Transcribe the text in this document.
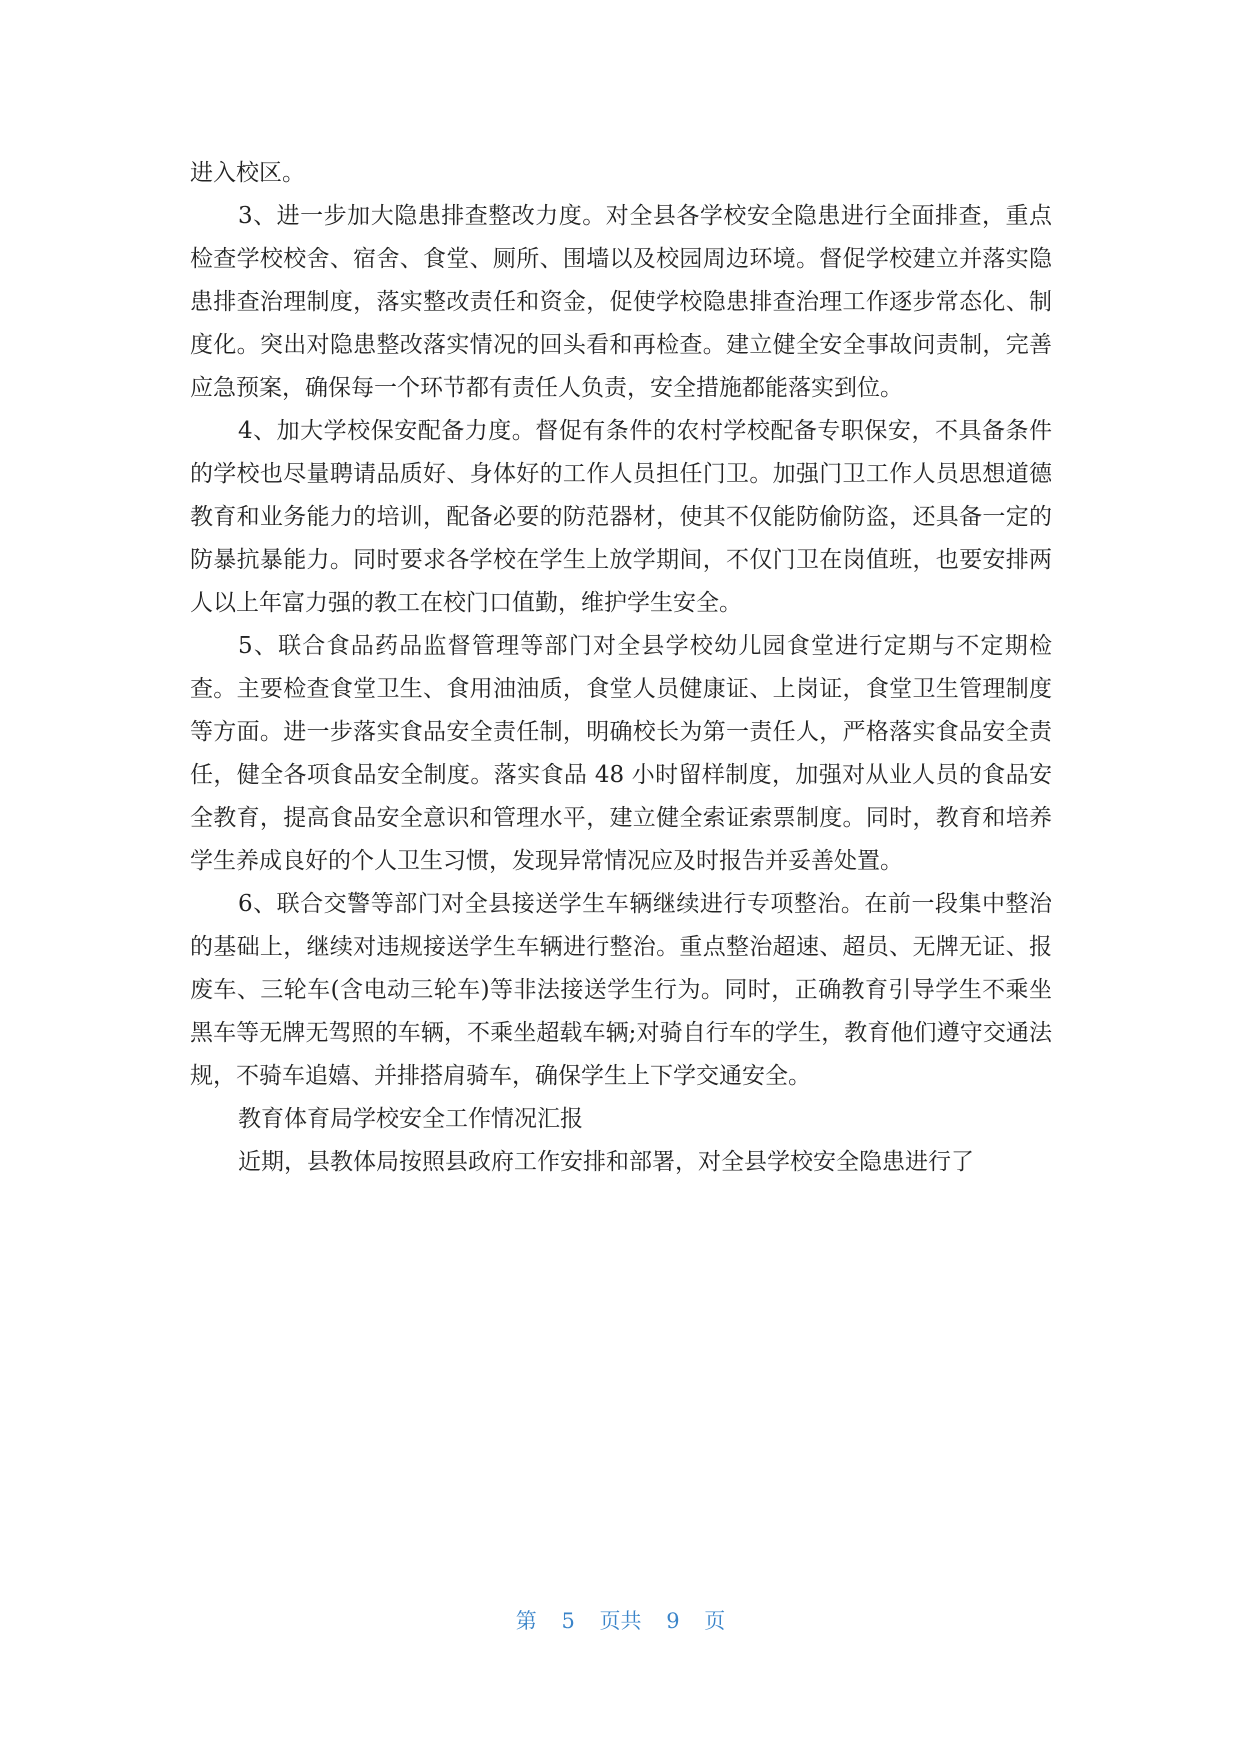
进入校区。

3、进一步加大隐患排查整改力度。对全县各学校安全隐患进行全面排查，重点检查学校校舍、宿舍、食堂、厕所、围墙以及校园周边环境。督促学校建立并落实隐患排查治理制度，落实整改责任和资金，促使学校隐患排查治理工作逐步常态化、制度化。突出对隐患整改落实情况的回头看和再检查。建立健全安全事故问责制，完善应急预案，确保每一个环节都有责任人负责，安全措施都能落实到位。

4、加大学校保安配备力度。督促有条件的农村学校配备专职保安，不具备条件的学校也尽量聘请品质好、身体好的工作人员担任门卫。加强门卫工作人员思想道德教育和业务能力的培训，配备必要的防范器材，使其不仅能防偷防盗，还具备一定的防暴抗暴能力。同时要求各学校在学生上放学期间，不仅门卫在岗值班，也要安排两人以上年富力强的教工在校门口值勤，维护学生安全。

5、联合食品药品监督管理等部门对全县学校幼儿园食堂进行定期与不定期检查。主要检查食堂卫生、食用油油质，食堂人员健康证、上岗证，食堂卫生管理制度等方面。进一步落实食品安全责任制，明确校长为第一责任人，严格落实食品安全责任，健全各项食品安全制度。落实食品 48 小时留样制度，加强对从业人员的食品安全教育，提高食品安全意识和管理水平，建立健全索证索票制度。同时，教育和培养学生养成良好的个人卫生习惯，发现异常情况应及时报告并妥善处置。

6、联合交警等部门对全县接送学生车辆继续进行专项整治。在前一段集中整治的基础上，继续对违规接送学生车辆进行整治。重点整治超速、超员、无牌无证、报废车、三轮车(含电动三轮车)等非法接送学生行为。同时，正确教育引导学生不乘坐黑车等无牌无驾照的车辆，不乘坐超载车辆;对骑自行车的学生，教育他们遵守交通法规，不骑车追嬉、并排搭肩骑车，确保学生上下学交通安全。

教育体育局学校安全工作情况汇报

近期，县教体局按照县政府工作安排和部署，对全县学校安全隐患进行了

第 5 页共 9 页
